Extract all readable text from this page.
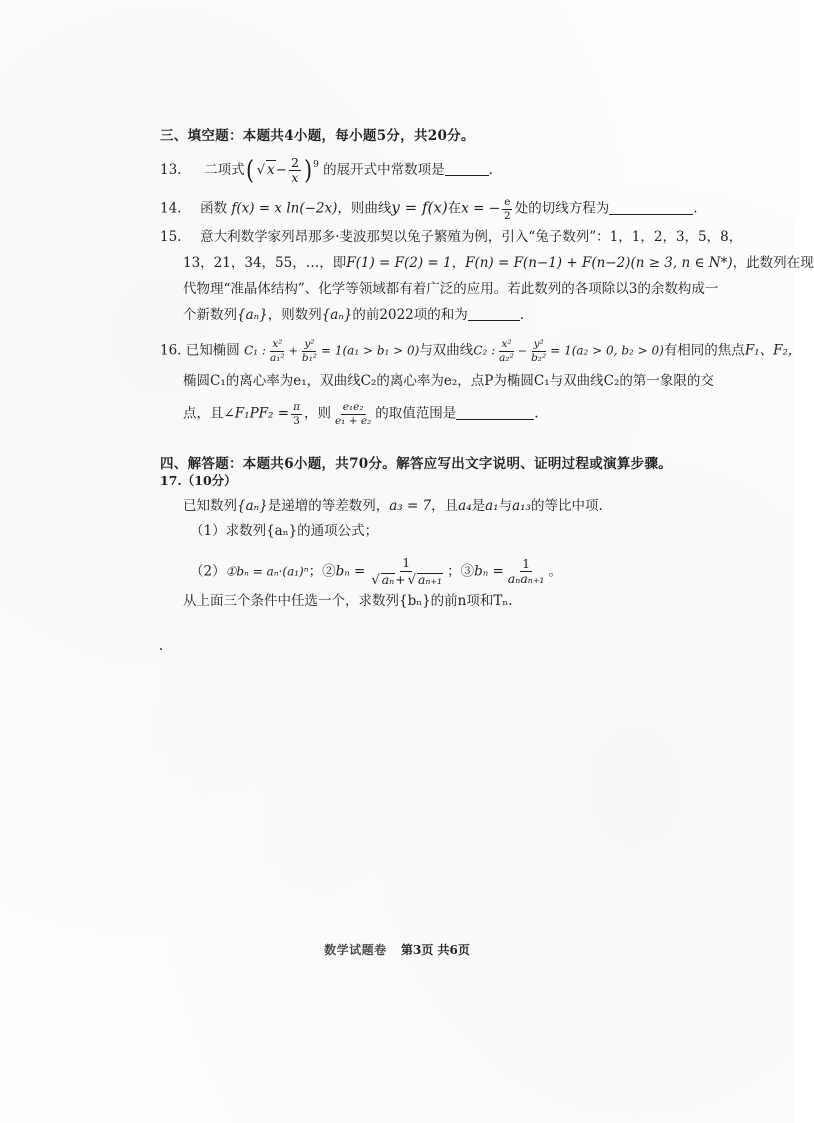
三、填空题：本题共4小题，每小题5分，共20分。
13. 二项式( √ $x- \frac{2}{x} )^9$ 的展开式中常数项是	.
14. 函数 f(x) = x ln(−2x)，则曲线y = f(x)在x = − $\frac{e}{2}$ 处的切线方程为	.
15. 意大利数学家列昂那多·斐波那契以兔子繁殖为例，引入“兔子数列”：1，1，2，3，5，8，
13，21，34，55，…，即F(1) = F(2) = 1，F(n) = F(n−1) + F(n−2)(n ≥ 3, n ∈ N*)，此数列在现
代物理“准晶体结构”、化学等领域都有着广泛的应用。若此数列的各项除以3的余数构成一
个新数列{aₙ}，则数列{aₙ}的前2022项的和为	.
16. 已知椭圆 C₁ : $\frac{\text{x²}}{\text{a₁²}} + \frac{\text{y²}}{\text{b₁²}} = 1(a_1 > b_1 > 0)$与双曲线C₂ : $\frac{\text{x²}}{\text{a₂²}} - \frac{\text{y²}}{\text{b₂²}} = 1(a_2 > 0$, b₂ > 0)有相同的焦点F₁、F₂，
椭圆C₁的离心率为e₁，双曲线C₂的离心率为e₂，点P为椭圆C₁与双曲线C₂的第一象限的交
点，且∠F₁PF₂ = $\frac{\pi}{3}$ ，则 $\frac{\text{e₁e₂}}{\text{e₁ + e₂}}$ 的取值范围是	.
四、解答题：本题共6小题，共70分。解答应写出文字说明、证明过程或演算步骤。
17.（10分）
已知数列{aₙ}是递增的等差数列，a₃ = 7，且a₄是a₁与a₁₃的等比中项.
（1）求数列{aₙ}的通项公式；
（2）①bₙ = aₙ·(a₁)ⁿ；②bₙ = $\frac{1}{\text{√ aₙ+ √ aₙ₊₁}}$ ；③bₙ = $\frac{1}{\text{aₙaₙ₊₁}}$ 。
从上面三个条件中任选一个，求数列{bₙ}的前n项和Tₙ.
数学试题卷 第3页 共6页
